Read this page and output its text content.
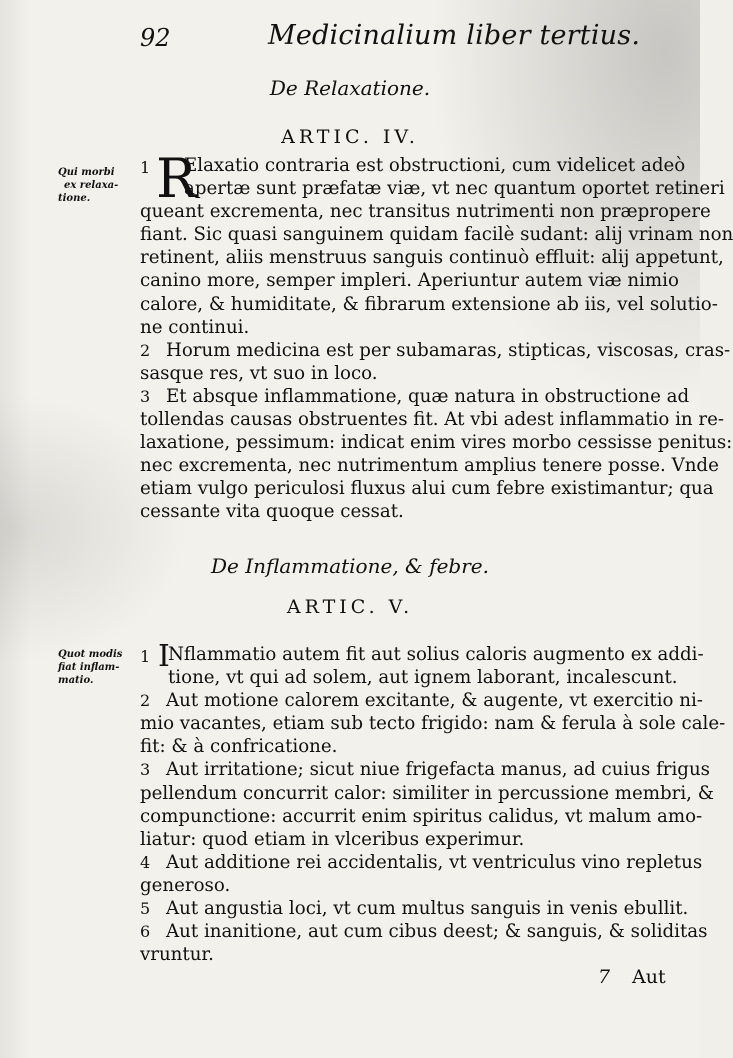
92	Medicinalium liber tertius.
De Relaxatione.
ARTIC. IV.
Qui morbi
ex relaxa-
tione.
1 R
Elaxatio contraria est obstructioni, cum videlicet adeò
apertæ sunt præfatæ viæ, vt nec quantum oportet retineri
queant excrementa, nec transitus nutrimenti non præpropere
fiant. Sic quasi sanguinem quidam facilè sudant: alij vrinam non
retinent, aliis menstruus sanguis continuò effluit: alij appetunt,
canino more, semper impleri. Aperiuntur autem viæ nimio
calore, & humiditate, & fibrarum extensione ab iis, vel solutio-
ne continui.
2 Horum medicina est per subamaras, stipticas, viscosas, cras-
sasque res, vt suo in loco.
3 Et absque inflammatione, quæ natura in obstructione ad
tollendas causas obstruentes fit. At vbi adest inflammatio in re-
laxatione, pessimum: indicat enim vires morbo cessisse penitus:
nec excrementa, nec nutrimentum amplius tenere posse. Vnde
etiam vulgo periculosi fluxus alui cum febre existimantur; qua
cessante vita quoque cessat.
De Inflammatione, & febre.
ARTIC. V.
Quot modis
fiat inflam-
matio.
1 I
Nflammatio autem fit aut solius caloris augmento ex addi-
tione, vt qui ad solem, aut ignem laborant, incalescunt.
2 Aut motione calorem excitante, & augente, vt exercitio ni-
mio vacantes, etiam sub tecto frigido: nam & ferula à sole calе-
fit: & à confricatione.
3 Aut irritatione; sicut niue frigefacta manus, ad cuius frigus
pellendum concurrit calor: similiter in percussione membri, &
compunctione: accurrit enim spiritus calidus, vt malum amo-
liatur: quod etiam in vlceribus experimur.
4 Aut additione rei accidentalis, vt ventriculus vino repletus
generoso.
5 Aut angustia loci, vt cum multus sanguis in venis ebullit.
6 Aut inanitione, aut cum cibus deest; & sanguis, & soliditas
vruntur.
7 Aut
